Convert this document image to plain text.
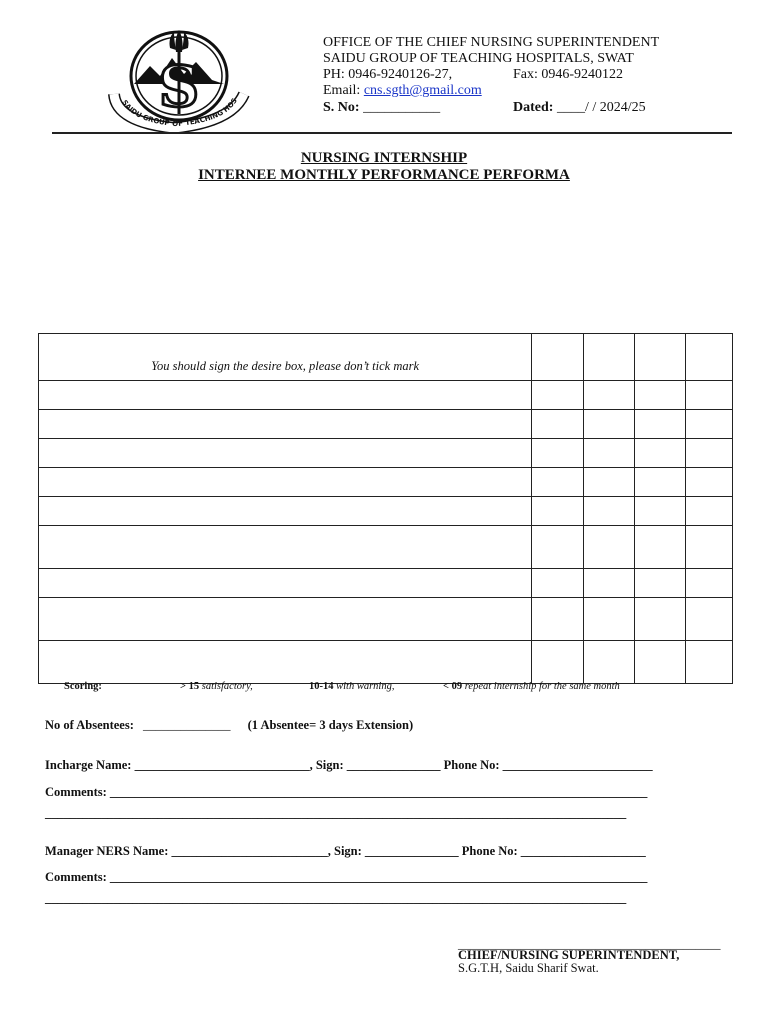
SAIDU GROUP OF TEACHING HOS
S
OFFICE OF THE CHIEF NURSING SUPERINTENDENT
SAIDU GROUP OF TEACHING HOSPITALS, SWAT
PH: 0946-9240126-27,	Fax: 0946-9240122
Email: cns.sgth@gmail.com
S. No: ___________	Dated: ____/ / 2024/25
NURSING INTERNSHIP
INTERNEE MONTHLY PERFORMANCE PERFORMA
You should sign the desire box, please don’t tick mark				

Scoring:	> 15 satisfactory,	10-14 with warning,	< 09 repeat internship for the same month
No of Absentees: ______________ (1 Absentee= 3 days Extension)
Incharge Name: ____________________________, Sign: _______________ Phone No: ________________________
Comments: ______________________________________________________________________________________
_____________________________________________________________________________________________
Manager NERS Name: _________________________, Sign: _______________ Phone No: ____________________
Comments: ______________________________________________________________________________________
_____________________________________________________________________________________________
__________________________________________
CHIEF/NURSING SUPERINTENDENT,
S.G.T.H, Saidu Sharif Swat.
